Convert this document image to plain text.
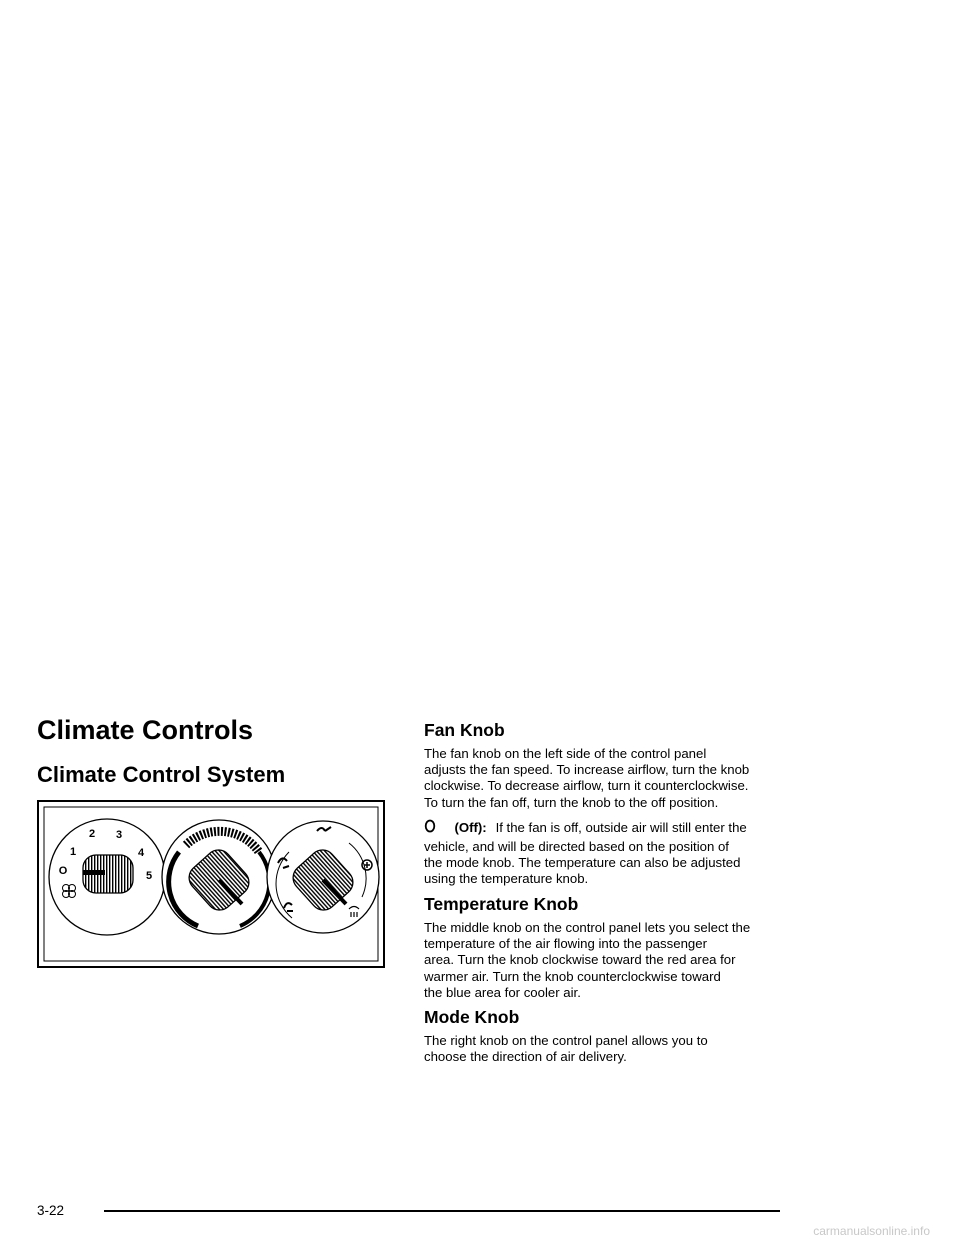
Climate Controls
Climate Control System
O
1
2 3
4
5
Fan Knob

The fan knob on the left side of the control panel
adjusts the fan speed. To increase airflow, turn the knob
clockwise. To decrease airflow, turn it counterclockwise.
To turn the fan off, turn the knob to the off position.

(Off): If the fan is off, outside air will still enter the

vehicle, and will be directed based on the position of
the mode knob. The temperature can also be adjusted
using the temperature knob.

Temperature Knob

The middle knob on the control panel lets you select the
temperature of the air flowing into the passenger
area. Turn the knob clockwise toward the red area for
warmer air. Turn the knob counterclockwise toward
the blue area for cooler air.

Mode Knob

The right knob on the control panel allows you to
choose the direction of air delivery.

3-22
carmanualsonline.info
